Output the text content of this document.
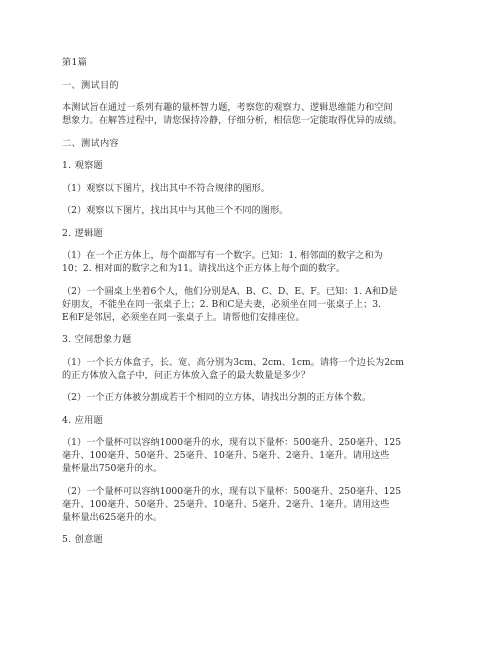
第1篇
一、测试目的
本测试旨在通过一系列有趣的量杯智力题，考察您的观察力、逻辑思维能力和空间
想象力。在解答过程中，请您保持冷静，仔细分析，相信您一定能取得优异的成绩。
二、测试内容
1. 观察题
（1）观察以下图片，找出其中不符合规律的图形。
（2）观察以下图片，找出其中与其他三个不同的图形。
2. 逻辑题
（1）在一个正方体上，每个面都写有一个数字。已知：1. 相邻面的数字之和为
10；2. 相对面的数字之和为11。请找出这个正方体上每个面的数字。
（2）一个圆桌上坐着6个人，他们分别是A、B、C、D、E、F。已知：1. A和D是
好朋友，不能坐在同一张桌子上；2. B和C是夫妻，必须坐在同一张桌子上；3.
E和F是邻居，必须坐在同一张桌子上。请帮他们安排座位。
3. 空间想象力题
（1）一个长方体盒子，长、宽、高分别为3cm、2cm、1cm。请将一个边长为2cm
的正方体放入盒子中，问正方体放入盒子的最大数量是多少？
（2）一个正方体被分割成若干个相同的立方体，请找出分割的正方体个数。
4. 应用题
（1）一个量杯可以容纳1000毫升的水，现有以下量杯：500毫升、250毫升、125
毫升、100毫升、50毫升、25毫升、10毫升、5毫升、2毫升、1毫升。请用这些
量杯量出750毫升的水。
（2）一个量杯可以容纳1000毫升的水，现有以下量杯：500毫升、250毫升、125
毫升、100毫升、50毫升、25毫升、10毫升、5毫升、2毫升、1毫升。请用这些
量杯量出625毫升的水。
5. 创意题
